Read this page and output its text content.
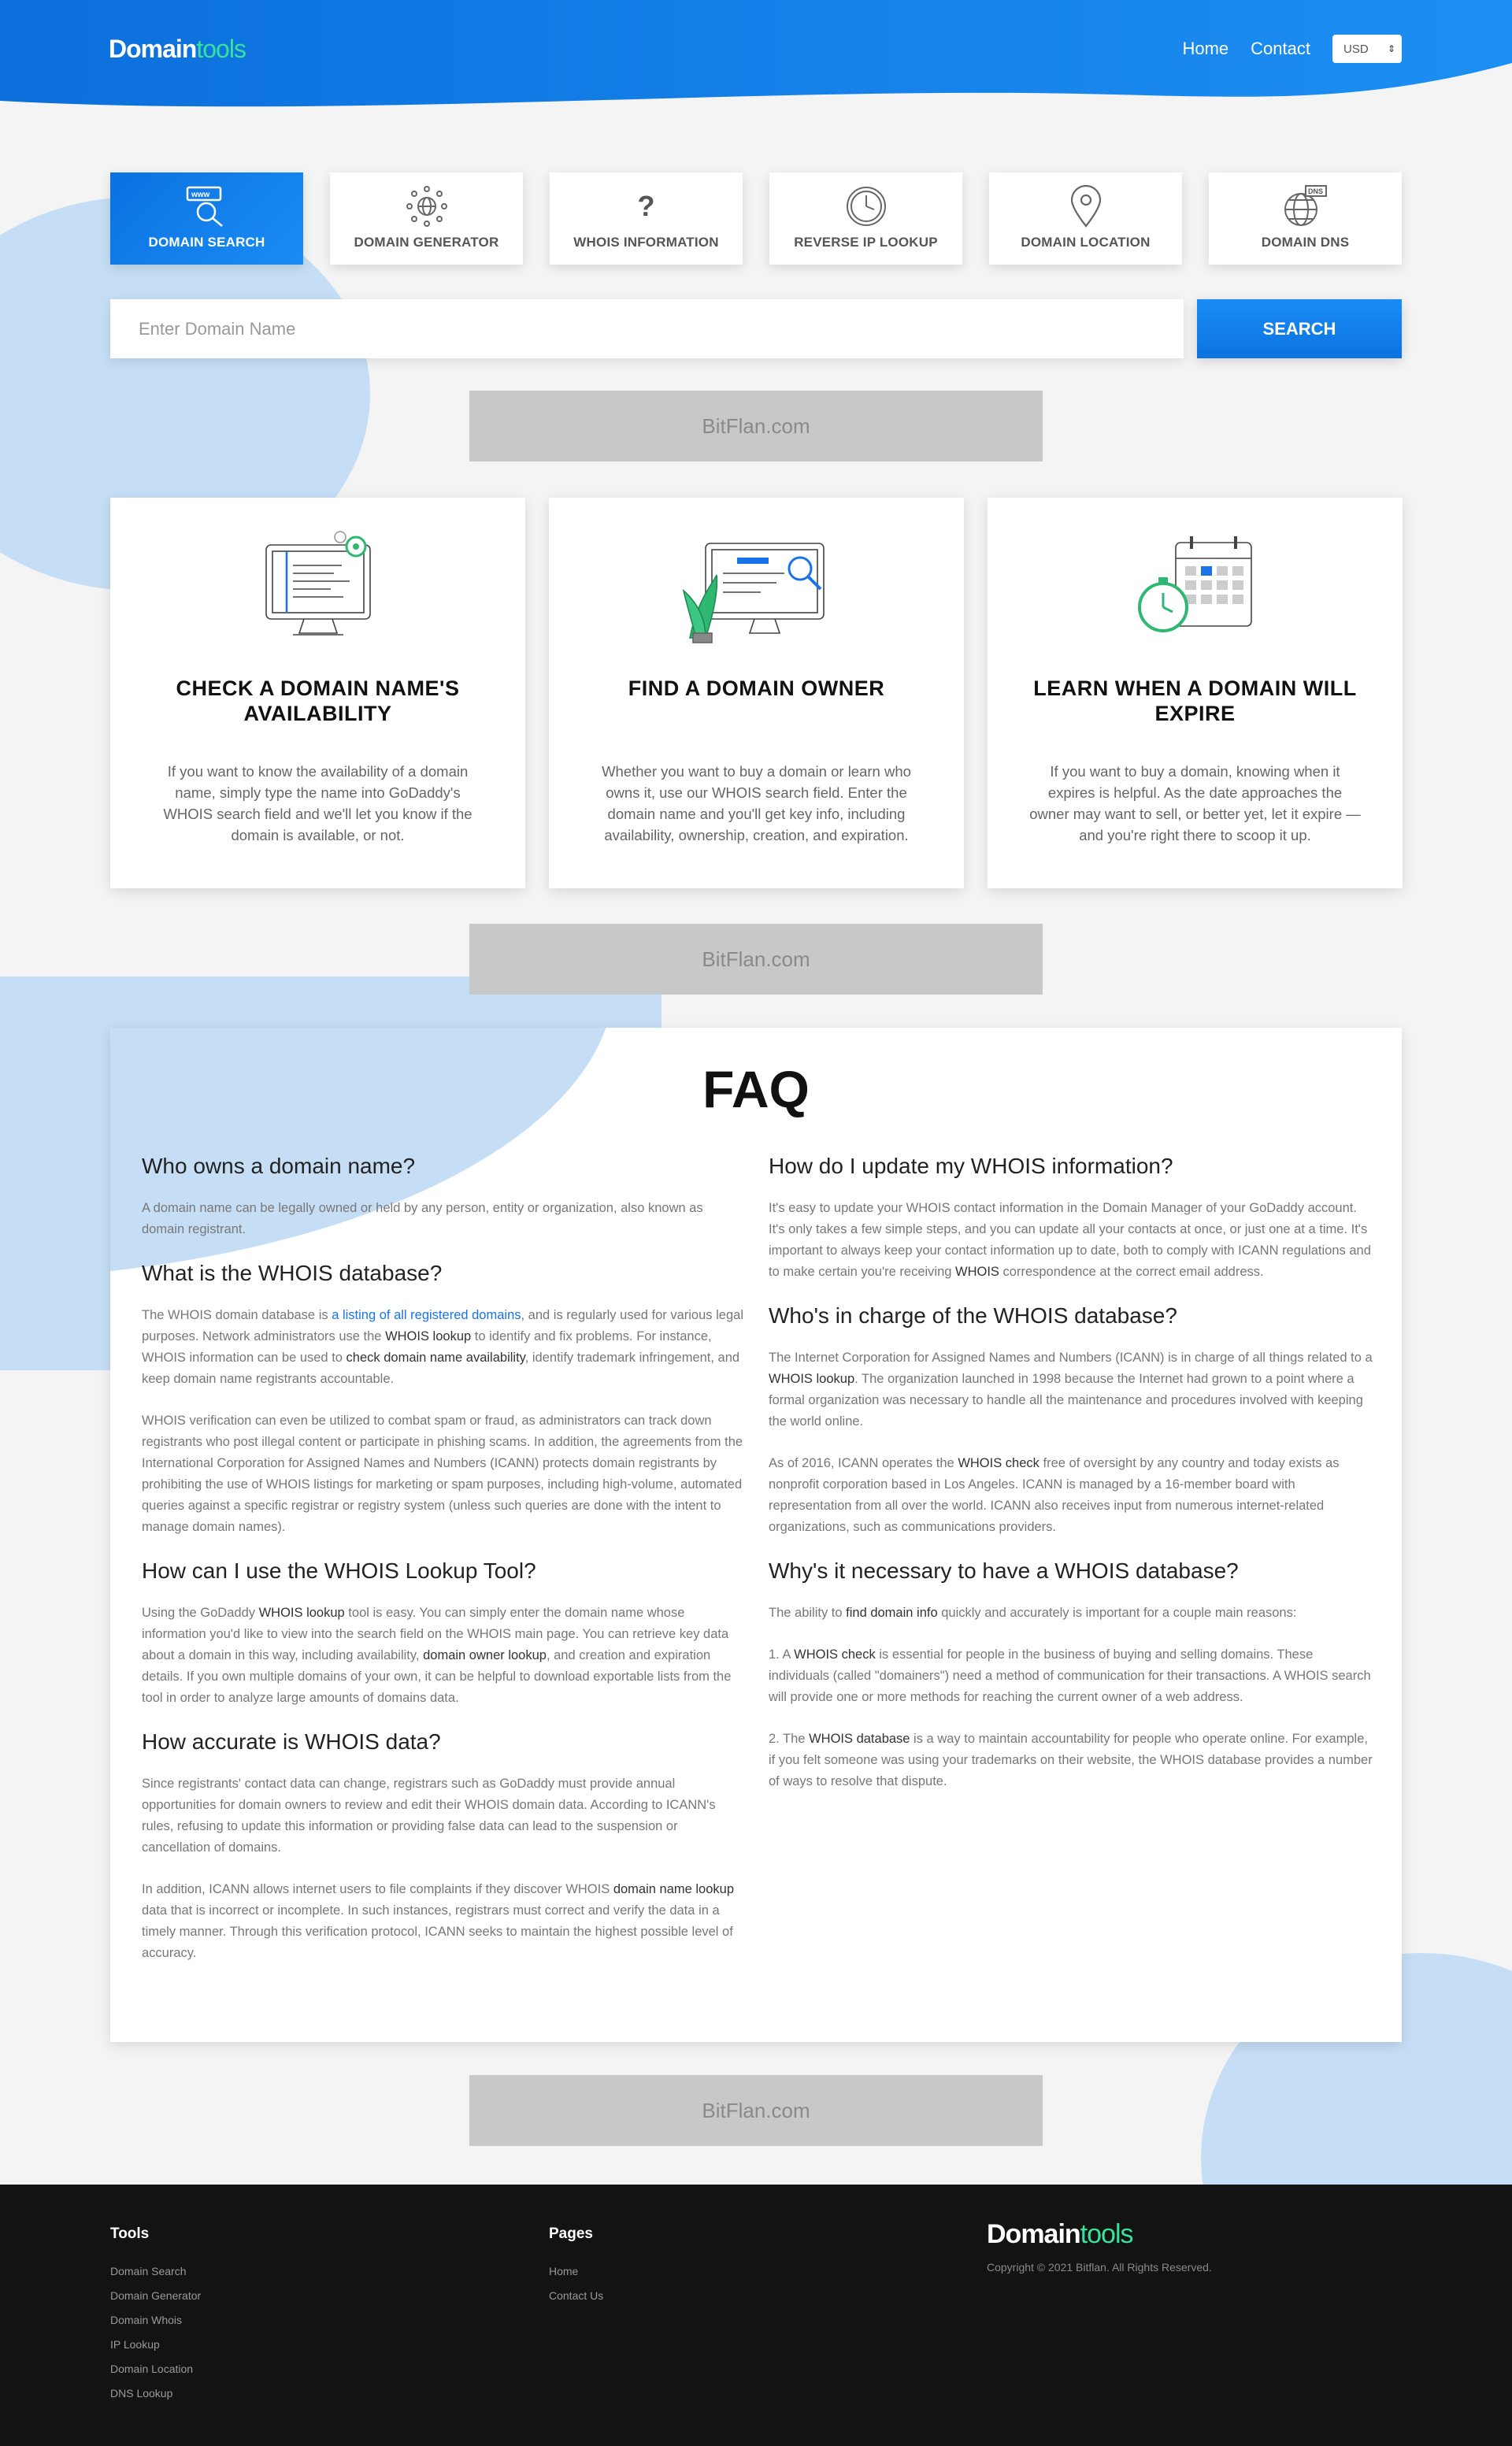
Domaintools	Home Contact	USD ⇕
www
DOMAIN SEARCH	DOMAIN GENERATOR
?
WHOIS INFORMATION	REVERSE IP LOOKUP	DOMAIN LOCATION
DNS
DOMAIN DNS
Enter Domain Name
SEARCH
BitFlan.com
CHECK A DOMAIN NAME'S AVAILABILITY

If you want to know the availability of a domain name, simply type the name into GoDaddy's WHOIS search field and we'll let you know if the domain is available, or not.

FIND A DOMAIN OWNER

Whether you want to buy a domain or learn who owns it, use our WHOIS search field. Enter the domain name and you'll get key info, including availability, ownership, creation, and expiration.

LEARN WHEN A DOMAIN WILL EXPIRE

If you want to buy a domain, knowing when it expires is helpful. As the date approaches the owner may want to sell, or better yet, let it expire — and you're right there to scoop it up.

BitFlan.com
FAQ
Who owns a domain name?

A domain name can be legally owned or held by any person, entity or organization, also known as domain registrant.

What is the WHOIS database?

The WHOIS domain database is a listing of all registered domains, and is regularly used for various legal purposes. Network administrators use the WHOIS lookup to identify and fix problems. For instance, WHOIS information can be used to check domain name availability, identify trademark infringement, and keep domain name registrants accountable.

WHOIS verification can even be utilized to combat spam or fraud, as administrators can track down registrants who post illegal content or participate in phishing scams. In addition, the agreements from the International Corporation for Assigned Names and Numbers (ICANN) protects domain registrants by prohibiting the use of WHOIS listings for marketing or spam purposes, including high-volume, automated queries against a specific registrar or registry system (unless such queries are done with the intent to manage domain names).

How can I use the WHOIS Lookup Tool?

Using the GoDaddy WHOIS lookup tool is easy. You can simply enter the domain name whose information you'd like to view into the search field on the WHOIS main page. You can retrieve key data about a domain in this way, including availability, domain owner lookup, and creation and expiration details. If you own multiple domains of your own, it can be helpful to download exportable lists from the tool in order to analyze large amounts of domains data.

How accurate is WHOIS data?

Since registrants' contact data can change, registrars such as GoDaddy must provide annual opportunities for domain owners to review and edit their WHOIS domain data. According to ICANN's rules, refusing to update this information or providing false data can lead to the suspension or cancellation of domains.

In addition, ICANN allows internet users to file complaints if they discover WHOIS domain name lookup data that is incorrect or incomplete. In such instances, registrars must correct and verify the data in a timely manner. Through this verification protocol, ICANN seeks to maintain the highest possible level of accuracy.

How do I update my WHOIS information?

It's easy to update your WHOIS contact information in the Domain Manager of your GoDaddy account. It's only takes a few simple steps, and you can update all your contacts at once, or just one at a time. It's important to always keep your contact information up to date, both to comply with ICANN regulations and to make certain you're receiving WHOIS correspondence at the correct email address.

Who's in charge of the WHOIS database?

The Internet Corporation for Assigned Names and Numbers (ICANN) is in charge of all things related to a WHOIS lookup. The organization launched in 1998 because the Internet had grown to a point where a formal organization was necessary to handle all the maintenance and procedures involved with keeping the world online.

As of 2016, ICANN operates the WHOIS check free of oversight by any country and today exists as nonprofit corporation based in Los Angeles. ICANN is managed by a 16-member board with representation from all over the world. ICANN also receives input from numerous internet-related organizations, such as communications providers.

Why's it necessary to have a WHOIS database?

The ability to find domain info quickly and accurately is important for a couple main reasons:

1. A WHOIS check is essential for people in the business of buying and selling domains. These individuals (called "domainers") need a method of communication for their transactions. A WHOIS search will provide one or more methods for reaching the current owner of a web address.

2. The WHOIS database is a way to maintain accountability for people who operate online. For example, if you felt someone was using your trademarks on their website, the WHOIS database provides a number of ways to resolve that dispute.

BitFlan.com
Tools
Domain Search
Domain Generator
Domain Whois
IP Lookup
Domain Location
DNS Lookup
Pages
Home
Contact Us
Domaintools
Copyright © 2021 Bitflan. All Rights Reserved.
